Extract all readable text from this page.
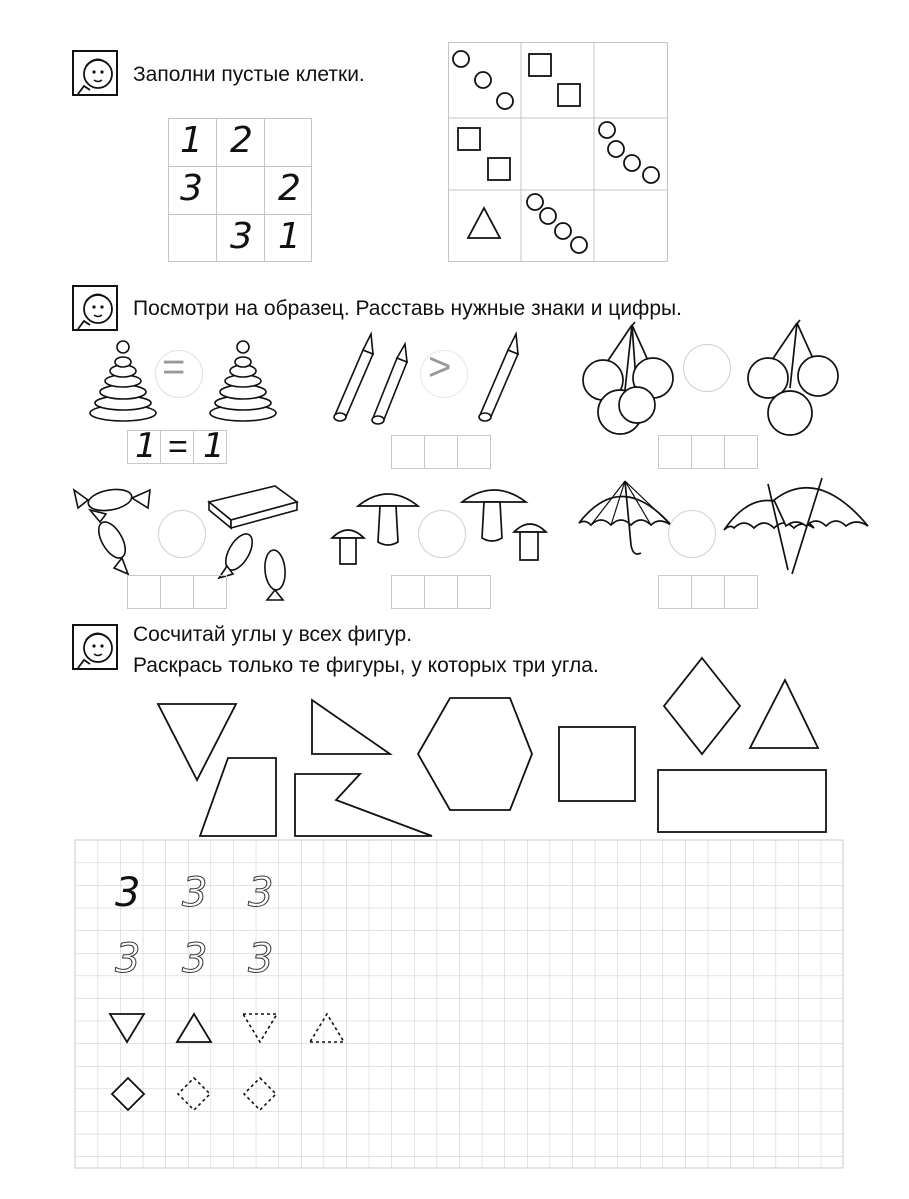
Заполни пустые клетки.
1 2
3 2
3 1
Посмотри на образец. Расставь нужные знаки и цифры.
=
1 = 1
>
Сосчитай углы у всех фигур.
Раскрась только те фигуры, у которых три угла.
3 3 3
3 3 3
